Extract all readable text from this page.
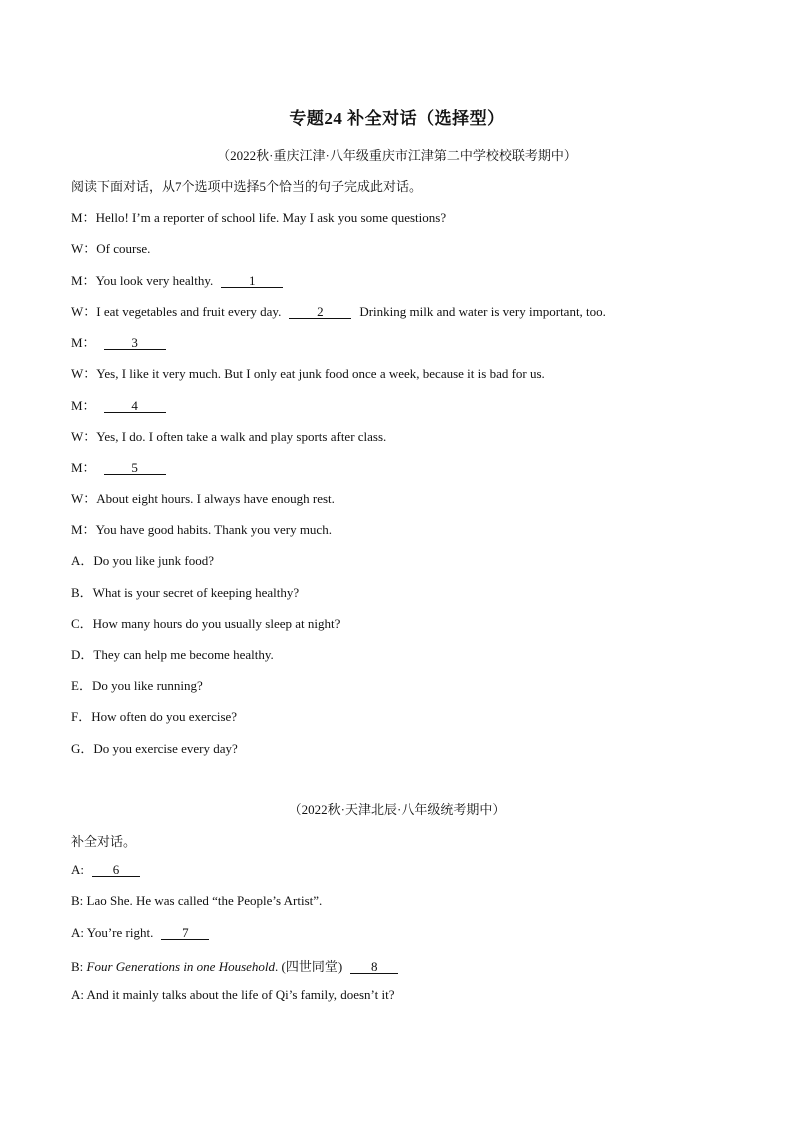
专题24 补全对话（选择型）
（2022秋·重庆江津·八年级重庆市江津第二中学校校联考期中）
阅读下面对话，从7个选项中选择5个恰当的句子完成此对话。
M：Hello! I’m a reporter of school life. May I ask you some questions?
W：Of course.
M：You look very healthy.	1
W：I eat vegetables and fruit every day.	2	Drinking milk and water is very important, too.
M：	3
W：Yes, I like it very much. But I only eat junk food once a week, because it is bad for us.
M：	4
W：Yes, I do. I often take a walk and play sports after class.
M：	5
W：About eight hours. I always have enough rest.
M：You have good habits. Thank you very much.
A．Do you like junk food?
B．What is your secret of keeping healthy?
C．How many hours do you usually sleep at night?
D．They can help me become healthy.
E．Do you like running?
F．How often do you exercise?
G．Do you exercise every day?
（2022秋·天津北辰·八年级统考期中）
补全对话。
A: 6
B: Lao She. He was called “the People’s Artist”.
A: You’re right. 7
B: Four Generations in one Household. (四世同堂) 8
A: And it mainly talks about the life of Qi’s family, doesn’t it?
